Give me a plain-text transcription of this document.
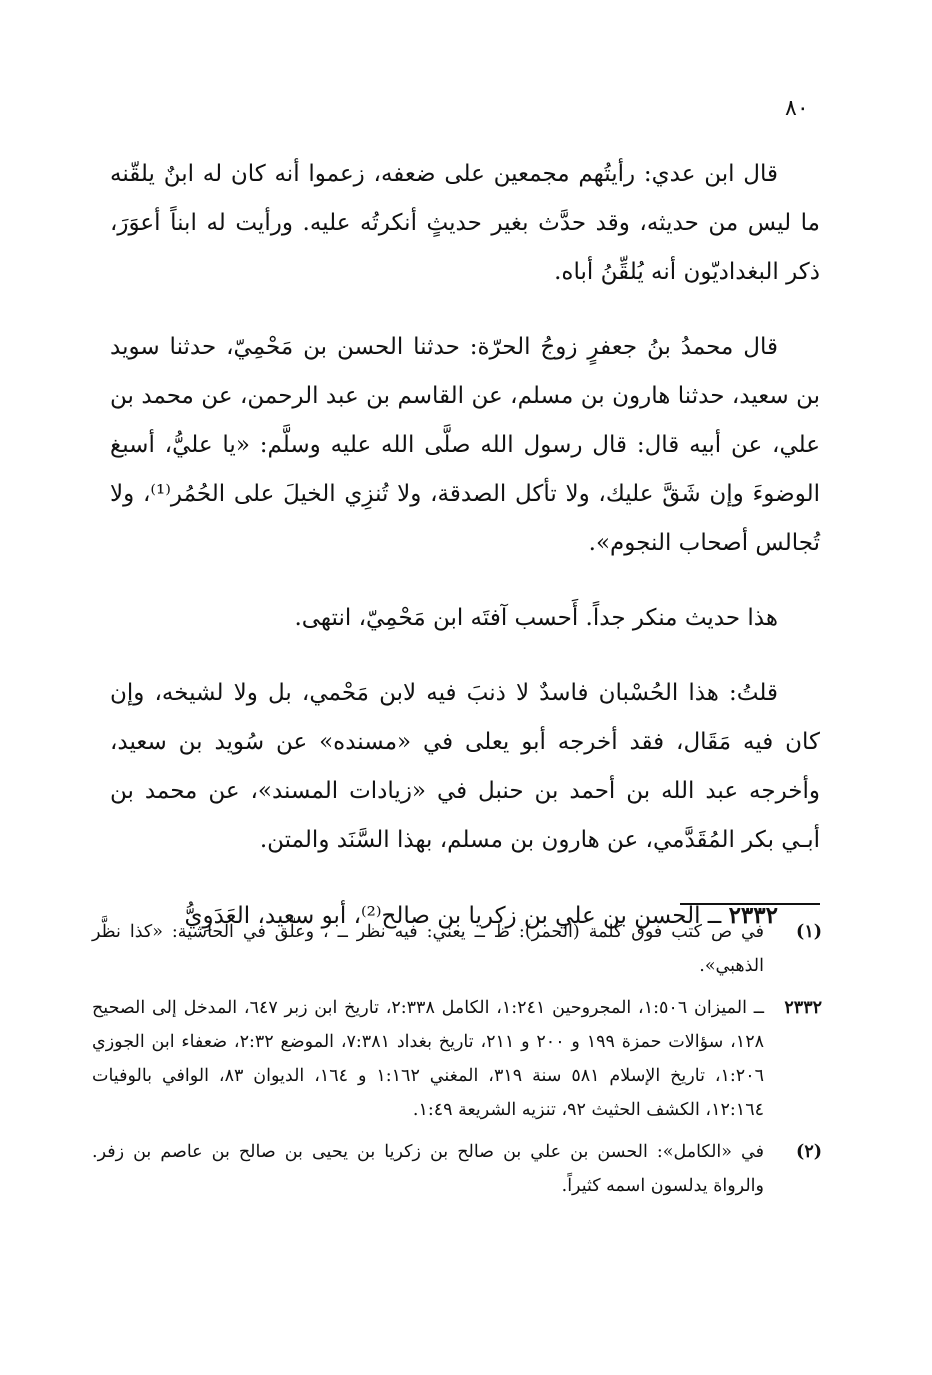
٨٠

قال ابن عدي: رأيتُهم مجمعين على ضعفه، زعموا أنه كان له ابنٌ يلقّنه ما ليس من حديثه، وقد حدَّث بغير حديثٍ أنكرتُه عليه. ورأيت له ابناً أعوَرَ، ذكر البغداديّون أنه يُلقِّنُ أباه.

قال محمدُ بنُ جعفرٍ زوجُ الحرّة: حدثنا الحسن بن مَحْمِيّ، حدثنا سويد بن سعيد، حدثنا هارون بن مسلم، عن القاسم بن عبد الرحمن، عن محمد بن علي، عن أبيه قال: قال رسول الله صلَّى الله عليه وسلَّم: «يا عليُّ، أسبغ الوضوءَ وإن شَقَّ عليك، ولا تأكل الصدقة، ولا تُنزِي الخيلَ على الحُمُر⁽¹⁾، ولا تُجالس أصحاب النجوم».

هذا حديث منكر جداً. أَحسب آفتَه ابن مَحْمِيّ، انتهى.

قلتُ: هذا الحُسْبان فاسدٌ لا ذنبَ فيه لابن مَحْمي، بل ولا لشيخه، وإن كان فيه مَقَال، فقد أخرجه أبو يعلى في «مسنده» عن سُويد بن سعيد، وأخرجه عبد الله بن أحمد بن حنبل في «زيادات المسند»، عن محمد بن أبـي بكر المُقَدَّمي، عن هارون بن مسلم، بهذا السَّنَد والمتن.

٢٣٣٢ ــ الحسن بن علي بن زكريا بن صالح⁽²⁾، أبو سعيد، العَدَوِيُّ

(١)
في ص كتب فوق كلمة (الحمر): ظ ــ يعني: فيه نظر ــ ، وعلّق في الحاشية: «كذا نظَّر الذهبي».
٢٣٣٢
ــ الميزان ١:٥٠٦، المجروحين ١:٢٤١، الكامل ٢:٣٣٨، تاريخ ابن زبر ٦٤٧، المدخل إلى الصحيح ١٢٨، سؤالات حمزة ١٩٩ و ٢٠٠ و ٢١١، تاريخ بغداد ٧:٣٨١، الموضع ٢:٣٢، ضعفاء ابن الجوزي ١:٢٠٦، تاريخ الإسلام ٥٨١ سنة ٣١٩، المغني ١:١٦٢ و ١٦٤، الديوان ٨٣، الوافي بالوفيات ١٢:١٦٤، الكشف الحثيث ٩٢، تنزيه الشريعة ١:٤٩.
(٢)
في «الكامل»: الحسن بن علي بن صالح بن زكريا بن يحيى بن صالح بن عاصم بن زفر. والرواة يدلسون اسمه كثيراً.
